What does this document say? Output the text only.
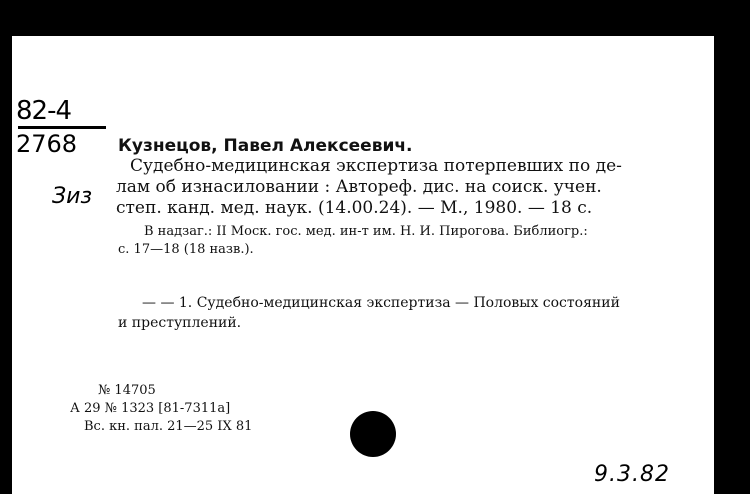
82-4
2768
Зиз
Кузнецов, Павел Алексеевич.
Судебно-медицинская экспертиза потерпевших по де-
лам об изнасиловании : Автореф. дис. на соиск. учен.
степ. канд. мед. наук. (14.00.24). — М., 1980. — 18 с.
В надзаг.: II Моск. гос. мед. ин-т им. Н. И. Пирогова. Библиогр.:
с. 17—18 (18 назв.).
— — 1. Судебно-медицинская экспертиза — Половых состояний
и преступлений.
№ 14705
А 29 № 1323 [81-7311а]
Вс. кн. пал. 21—25 IX 81
9.3.82
